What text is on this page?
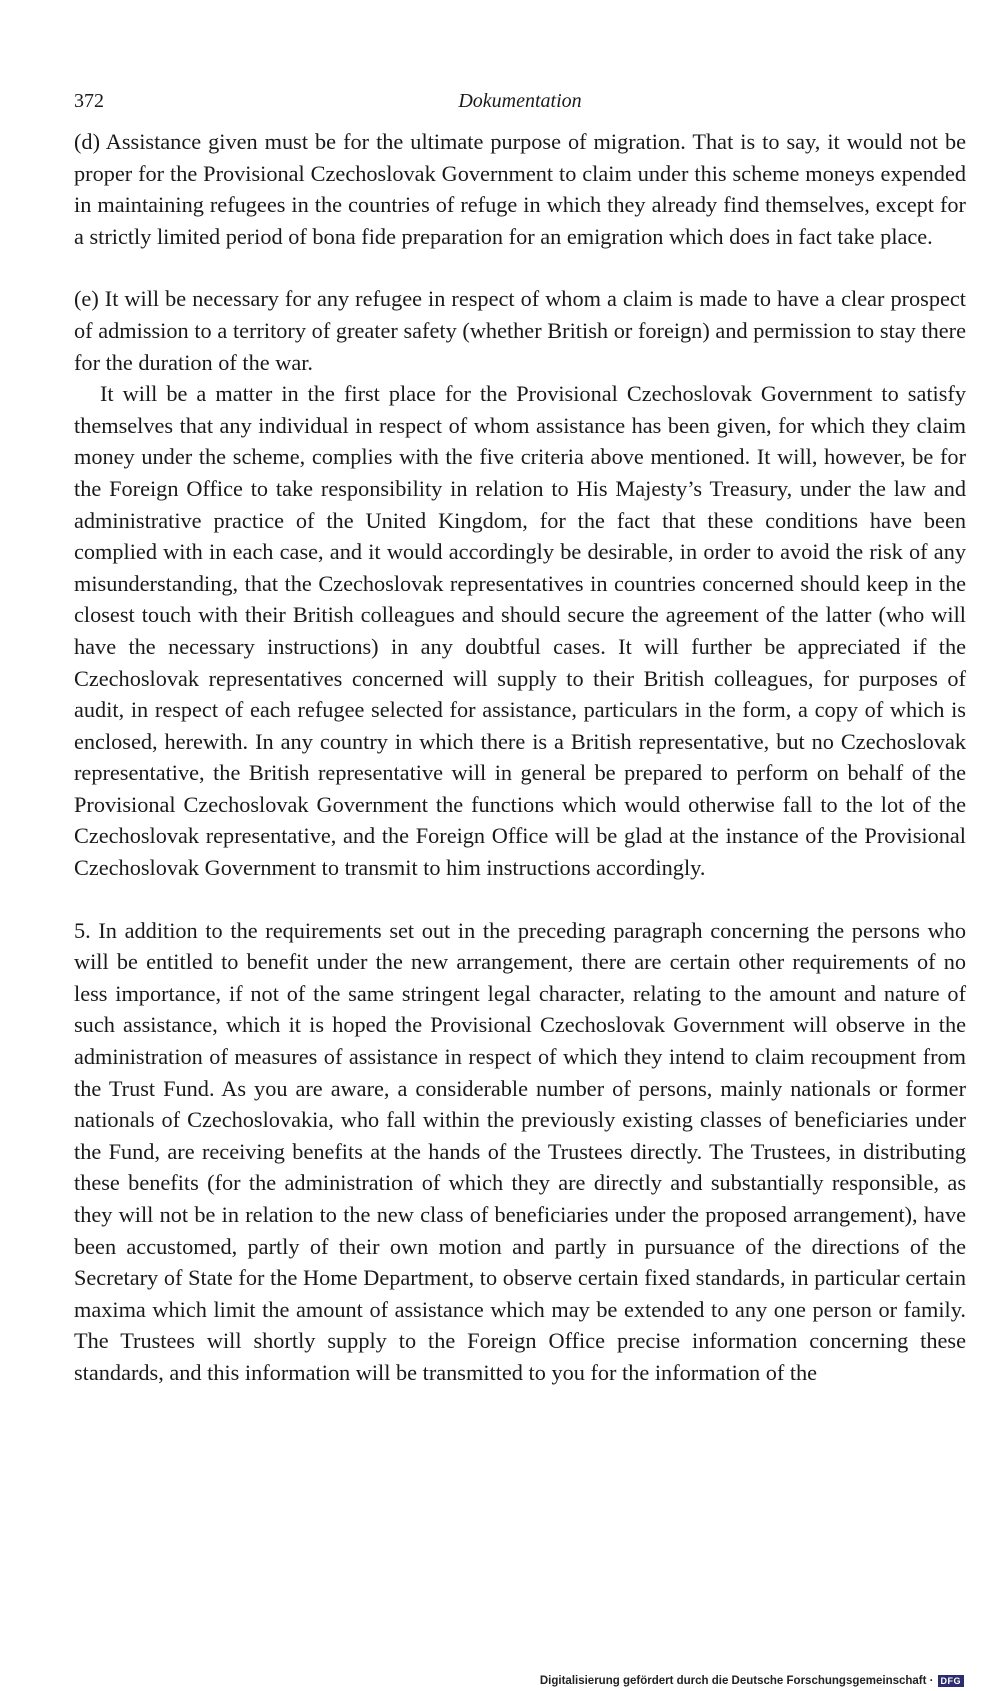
372	Dokumentation

(d) Assistance given must be for the ultimate purpose of migration. That is to say, it would not be proper for the Provisional Czechoslovak Government to claim under this scheme moneys expended in maintaining refugees in the countries of refuge in which they already find themselves, except for a strictly limited period of bona fide preparation for an emigration which does in fact take place.

(e) It will be necessary for any refugee in respect of whom a claim is made to have a clear prospect of admission to a territory of greater safety (whether British or foreign) and permission to stay there for the duration of the war.

It will be a matter in the first place for the Provisional Czechoslovak Government to satisfy themselves that any individual in respect of whom assistance has been given, for which they claim money under the scheme, complies with the five criteria above mentioned. It will, however, be for the Foreign Office to take responsibility in relation to His Majesty’s Treasury, under the law and administrative practice of the United Kingdom, for the fact that these conditions have been complied with in each case, and it would accordingly be desirable, in order to avoid the risk of any misunderstanding, that the Czechoslovak representatives in countries concerned should keep in the closest touch with their British colleagues and should secure the agreement of the latter (who will have the necessary instructions) in any doubtful cases. It will further be appreciated if the Czechoslovak representatives concerned will supply to their British colleagues, for purposes of audit, in respect of each refugee selected for assistance, particulars in the form, a copy of which is enclosed, herewith. In any country in which there is a British representative, but no Czechoslovak representative, the British representative will in general be prepared to perform on behalf of the Provisional Czechoslovak Government the functions which would otherwise fall to the lot of the Czechoslovak representative, and the Foreign Office will be glad at the instance of the Provisional Czechoslovak Government to transmit to him instructions accordingly.

5. In addition to the requirements set out in the preceding paragraph concerning the persons who will be entitled to benefit under the new arrangement, there are certain other requirements of no less importance, if not of the same stringent legal character, relating to the amount and nature of such assistance, which it is hoped the Provisional Czechoslovak Government will observe in the administration of measures of assistance in respect of which they intend to claim recoupment from the Trust Fund. As you are aware, a considerable number of persons, mainly nationals or former nationals of Czechoslovakia, who fall within the previously existing classes of beneficiaries under the Fund, are receiving benefits at the hands of the Trustees directly. The Trustees, in distributing these benefits (for the administration of which they are directly and substantially responsible, as they will not be in relation to the new class of beneficiaries under the proposed arrangement), have been accustomed, partly of their own motion and partly in pursuance of the directions of the Secretary of State for the Home Department, to observe certain fixed standards, in particular certain maxima which limit the amount of assistance which may be extended to any one person or family. The Trustees will shortly supply to the Foreign Office precise information concerning these standards, and this information will be transmitted to you for the information of the

Digitalisierung gefördert durch die Deutsche Forschungsgemeinschaft · DFG
